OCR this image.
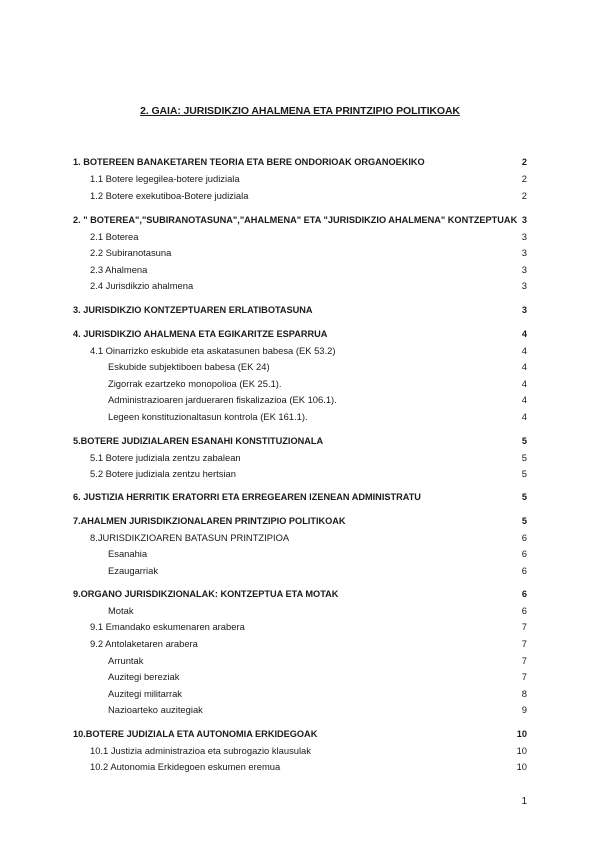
2. GAIA: JURISDIKZIO AHALMENA ETA PRINTZIPIO POLITIKOAK
1. BOTEREEN BANAKETAREN TEORIA ETA BERE ONDORIOAK ORGANOEKIKO	2
1.1 Botere legegilea-botere judiziala	2
1.2 Botere exekutiboa-Botere judiziala	2
2. " BOTEREA","SUBIRANOTASUNA","AHALMENA" ETA "JURISDIKZIO AHALMENA" KONTZEPTUAK 3
2.1 Boterea	3
2.2 Subiranotasuna	3
2.3 Ahalmena	3
2.4 Jurisdikzio ahalmena	3
3. JURISDIKZIO KONTZEPTUAREN ERLATIBOTASUNA	3
4. JURISDIKZIO AHALMENA ETA EGIKARITZE ESPARRUA	4
4.1 Oinarrizko eskubide eta askatasunen babesa (EK 53.2)	4
Eskubide subjektiboen babesa (EK 24)	4
Zigorrak ezartzeko monopolioa (EK 25.1).	4
Administrazioaren jardueraren fiskalizazioa (EK 106.1).	4
Legeen konstituzionaltasun kontrola (EK 161.1).	4
5.BOTERE JUDIZIALAREN ESANAHI KONSTITUZIONALA	5
5.1 Botere judiziala zentzu zabalean	5
5.2 Botere judiziala zentzu hertsian	5
6. JUSTIZIA HERRITIK ERATORRI ETA ERREGEAREN IZENEAN ADMINISTRATU	5
7.AHALMEN JURISDIKZIONALAREN PRINTZIPIO POLITIKOAK	5
8.JURISDIKZIOAREN BATASUN PRINTZIPIOA	6
Esanahia	6
Ezaugarriak	6
9.ORGANO JURISDIKZIONALAK: KONTZEPTUA ETA MOTAK	6
Motak	6
9.1 Emandako eskumenaren arabera	7
9.2 Antolaketaren arabera	7
Arruntak	7
Auzitegi bereziak	7
Auzitegi militarrak	8
Nazioarteko auzitegiak	9
10.BOTERE JUDIZIALA ETA AUTONOMIA ERKIDEGOAK	10
10.1 Justizia administrazioa eta subrogazio klausulak	10
10.2 Autonomia Erkidegoen eskumen eremua	10
1
